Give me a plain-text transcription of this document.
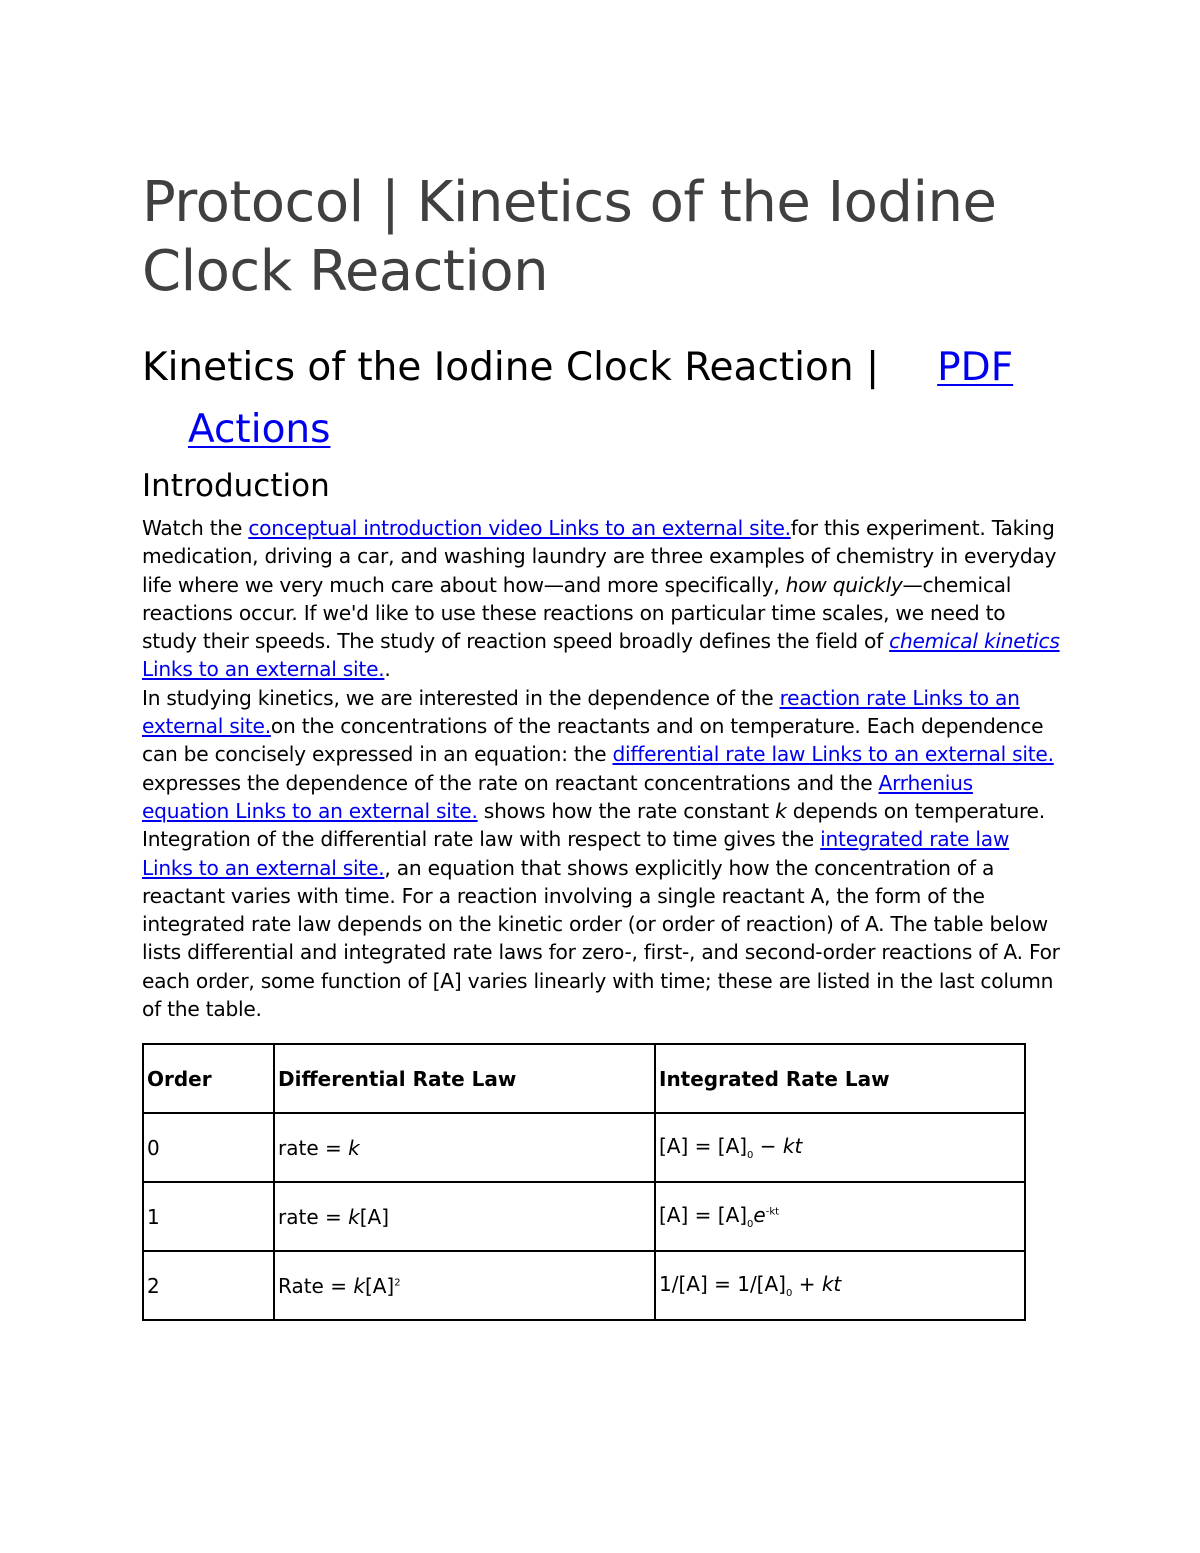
Protocol | Kinetics of the Iodine Clock Reaction
Kinetics of the Iodine Clock Reaction | PDF
Actions
Introduction

Watch the conceptual introduction video Links to an external site.for this experiment. Taking medication, driving a car, and washing laundry are three examples of chemistry in everyday life where we very much care about how—and more specifically, how quickly—chemical reactions occur. If we'd like to use these reactions on particular time scales, we need to study their speeds. The study of reaction speed broadly defines the field of chemical kinetics Links to an external site..

In studying kinetics, we are interested in the dependence of the reaction rate Links to an external site.on the concentrations of the reactants and on temperature. Each dependence can be concisely expressed in an equation: the differential rate law Links to an external site. expresses the dependence of the rate on reactant concentrations and the Arrhenius equation Links to an external site. shows how the rate constant k depends on temperature. Integration of the differential rate law with respect to time gives the integrated rate law Links to an external site., an equation that shows explicitly how the concentration of a reactant varies with time. For a reaction involving a single reactant A, the form of the integrated rate law depends on the kinetic order (or order of reaction) of A. The table below lists differential and integrated rate laws for zero-, first-, and second-order reactions of A. For each order, some function of [A] varies linearly with time; these are listed in the last column of the table.

Order	Differential Rate Law	Integrated Rate Law
0	rate = k	$[A] = [A]_0$ − kt
1	rate = k[A]	$[A] = [A]_0e^{-kt}$
2	Rate = $k[A]^2$	$1/[A] = 1/[A]_0$ + kt
